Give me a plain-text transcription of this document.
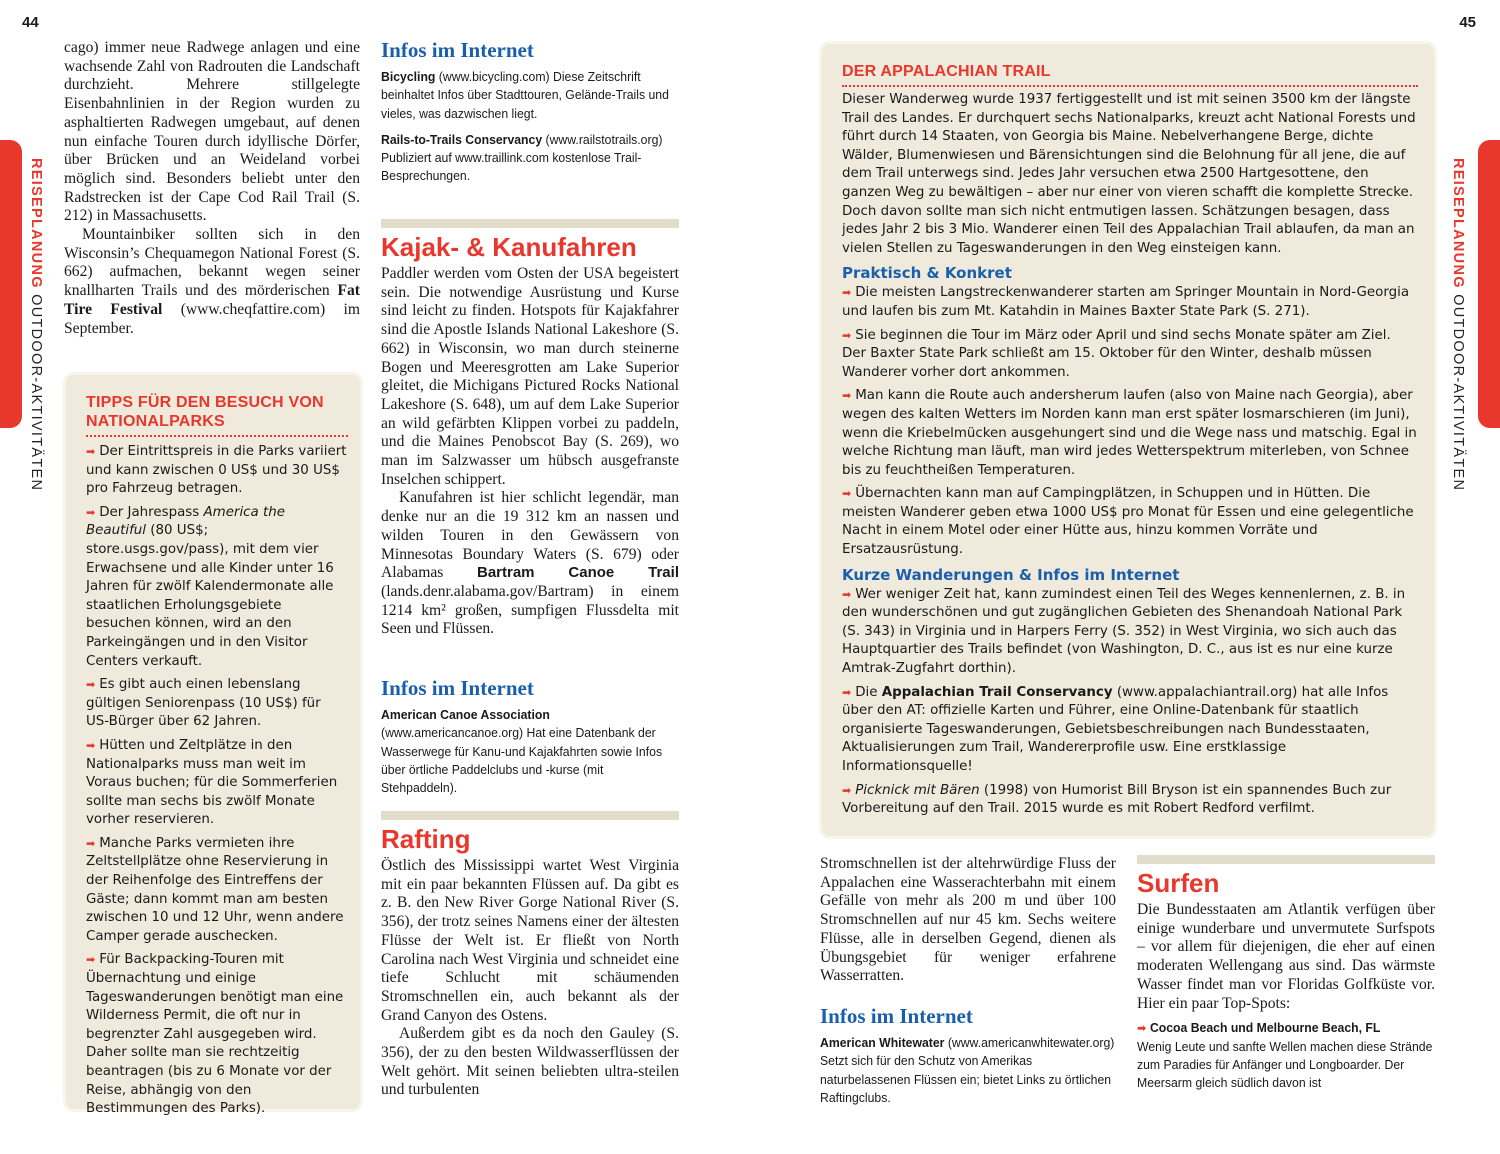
44	45
REISEPLANUNG OUTDOOR-AKTIVITÄTEN
REISEPLANUNG OUTDOOR-AKTIVITÄTEN

cago) immer neue Radwege anlagen und eine wachsende Zahl von Radrouten die Landschaft durchzieht. Mehrere stillgelegte Eisenbahnlinien in der Region wurden zu asphaltierten Radwegen umgebaut, auf denen nun einfache Touren durch idyllische Dörfer, über Brücken und an Weideland vorbei möglich sind. Besonders beliebt unter den Radstrecken ist der Cape Cod Rail Trail (S. 212) in Massachusetts.

Mountainbiker sollten sich in den Wisconsin’s Chequamegon National Forest (S. 662) aufmachen, bekannt wegen seiner knallharten Trails und des mörderischen Fat Tire Festival (www.cheqfattire.com) im September.

TIPPS FÜR DEN BESUCH VON NATIONALPARKS
➡ Der Eintrittspreis in die Parks variiert und kann zwischen 0 US$ und 30 US$ pro Fahrzeug betragen.
➡ Der Jahrespass America the Beautiful (80 US$; store.usgs.gov/pass), mit dem vier Erwachsene und alle Kinder unter 16 Jahren für zwölf Kalendermonate alle staatlichen Erholungsgebiete besuchen können, wird an den Parkeingängen und in den Visitor Centers verkauft.
➡ Es gibt auch einen lebenslang gültigen Seniorenpass (10 US$) für US-Bürger über 62 Jahren.
➡ Hütten und Zeltplätze in den Nationalparks muss man weit im Voraus buchen; für die Sommerferien sollte man sechs bis zwölf Monate vorher reservieren.
➡ Manche Parks vermieten ihre Zeltstellplätze ohne Reservierung in der Reihenfolge des Eintreffens der Gäste; dann kommt man am besten zwischen 10 und 12 Uhr, wenn andere Camper gerade auschecken.
➡ Für Backpacking-Touren mit Übernachtung und einige Tageswanderungen benötigt man eine Wilderness Permit, die oft nur in begrenzter Zahl ausgegeben wird. Daher sollte man sie rechtzeitig beantragen (bis zu 6 Monate vor der Reise, abhängig von den Bestimmungen des Parks).
Infos im Internet

Bicycling (www.bicycling.com) Diese Zeitschrift beinhaltet Infos über Stadttouren, Gelände-Trails und vieles, was dazwischen liegt.

Rails-to-Trails Conservancy (www.railstotrails.org) Publiziert auf www.traillink.com kostenlose Trail-Besprechungen.

Kajak- & Kanufahren

Paddler werden vom Osten der USA begeistert sein. Die notwendige Ausrüstung und Kurse sind leicht zu finden. Hotspots für Kajakfahrer sind die Apostle Islands National Lakeshore (S. 662) in Wisconsin, wo man durch steinerne Bogen und Meeresgrotten am Lake Superior gleitet, die Michigans Pictured Rocks National Lakeshore (S. 648), um auf dem Lake Superior an wild gefärbten Klippen vorbei zu paddeln, und die Maines Penobscot Bay (S. 269), wo man im Salzwasser um hübsch ausgefranste Inselchen schippert.

Kanufahren ist hier schlicht legendär, man denke nur an die 19 312 km an nassen und wilden Touren in den Gewässern von Minnesotas Boundary Waters (S. 679) oder Alabamas Bartram Canoe Trail (lands.denr.alabama.gov/Bartram) in einem 1214 km² großen, sumpfigen Flussdelta mit Seen und Flüssen.

Infos im Internet

American Canoe Association (www.americancanoe.org) Hat eine Datenbank der Wasserwege für Kanu-und Kajakfahrten sowie Infos über örtliche Paddelclubs und -kurse (mit Stehpaddeln).

Rafting

Östlich des Mississippi wartet West Virginia mit ein paar bekannten Flüssen auf. Da gibt es z. B. den New River Gorge National River (S. 356), der trotz seines Namens einer der ältesten Flüsse der Welt ist. Er fließt von North Carolina nach West Virginia und schneidet eine tiefe Schlucht mit schäumenden Stromschnellen ein, auch bekannt als der Grand Canyon des Ostens.

Außerdem gibt es da noch den Gauley (S. 356), der zu den besten Wildwasserflüssen der Welt gehört. Mit seinen beliebten ultra-steilen und turbulenten

DER APPALACHIAN TRAIL
Dieser Wanderweg wurde 1937 fertiggestellt und ist mit seinen 3500 km der längste Trail des Landes. Er durchquert sechs Nationalparks, kreuzt acht National Forests und führt durch 14 Staaten, von Georgia bis Maine. Nebelverhangene Berge, dichte Wälder, Blumenwiesen und Bärensichtungen sind die Belohnung für all jene, die auf dem Trail unterwegs sind. Jedes Jahr versuchen etwa 2500 Hartgesottene, den ganzen Weg zu bewältigen – aber nur einer von vieren schafft die komplette Strecke. Doch davon sollte man sich nicht entmutigen lassen. Schätzungen besagen, dass jedes Jahr 2 bis 3 Mio. Wanderer einen Teil des Appalachian Trail ablaufen, da man an vielen Stellen zu Tageswanderungen in den Weg einsteigen kann.
Praktisch & Konkret
➡ Die meisten Langstreckenwanderer starten am Springer Mountain in Nord-Georgia und laufen bis zum Mt. Katahdin in Maines Baxter State Park (S. 271).
➡ Sie beginnen die Tour im März oder April und sind sechs Monate später am Ziel. Der Baxter State Park schließt am 15. Oktober für den Winter, deshalb müssen Wanderer vorher dort ankommen.
➡ Man kann die Route auch andersherum laufen (also von Maine nach Georgia), aber wegen des kalten Wetters im Norden kann man erst später losmarschieren (im Juni), wenn die Kriebelmücken ausgehungert sind und die Wege nass und matschig. Egal in welche Richtung man läuft, man wird jedes Wetterspektrum miterleben, von Schnee bis zu feuchtheißen Temperaturen.
➡ Übernachten kann man auf Campingplätzen, in Schuppen und in Hütten. Die meisten Wanderer geben etwa 1000 US$ pro Monat für Essen und eine gelegentliche Nacht in einem Motel oder einer Hütte aus, hinzu kommen Vorräte und Ersatzausrüstung.
Kurze Wanderungen & Infos im Internet
➡ Wer weniger Zeit hat, kann zumindest einen Teil des Weges kennenlernen, z. B. in den wunderschönen und gut zugänglichen Gebieten des Shenandoah National Park (S. 343) in Virginia und in Harpers Ferry (S. 352) in West Virginia, wo sich auch das Hauptquartier des Trails befindet (von Washington, D. C., aus ist es nur eine kurze Amtrak-Zugfahrt dorthin).
➡ Die Appalachian Trail Conservancy (www.appalachiantrail.org) hat alle Infos über den AT: offizielle Karten und Führer, eine Online-Datenbank für staatlich organisierte Tageswanderungen, Gebietsbeschreibungen nach Bundesstaaten, Aktualisierungen zum Trail, Wandererprofile usw. Eine erstklassige Informationsquelle!
➡ Picknick mit Bären (1998) von Humorist Bill Bryson ist ein spannendes Buch zur Vorbereitung auf den Trail. 2015 wurde es mit Robert Redford verfilmt.
Stromschnellen ist der altehrwürdige Fluss der Appalachen eine Wasserachterbahn mit einem Gefälle von mehr als 200 m und über 100 Stromschnellen auf nur 45 km. Sechs weitere Flüsse, alle in derselben Gegend, dienen als Übungsgebiet für weniger erfahrene Wasserratten.
Infos im Internet

American Whitewater (www.americanwhitewater.org) Setzt sich für den Schutz von Amerikas naturbelassenen Flüssen ein; bietet Links zu örtlichen Raftingclubs.

Surfen
Die Bundesstaaten am Atlantik verfügen über einige wunderbare und unvermutete Surfspots – vor allem für diejenigen, die eher auf einen moderaten Wellengang aus sind. Das wärmste Wasser findet man vor Floridas Golfküste vor. Hier ein paar Top-Spots:

➡ Cocoa Beach und Melbourne Beach, FL

Wenig Leute und sanfte Wellen machen diese Strände zum Paradies für Anfänger und Longboarder. Der Meersarm gleich südlich davon ist
